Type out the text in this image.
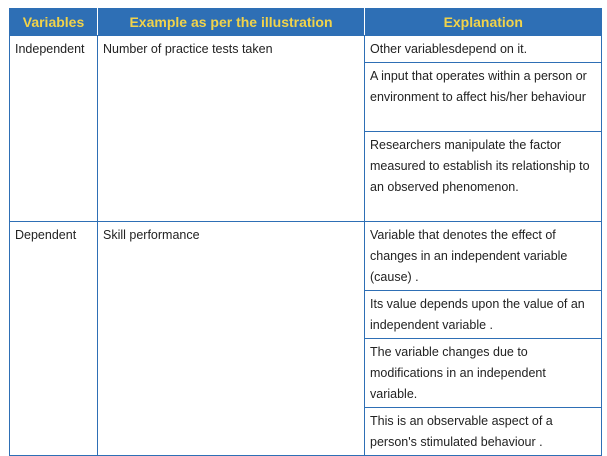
Variables	Example as per the illustration	Explanation
Independent	Number of practice tests taken	Other variablesdepend on it.
		A input that operates within a person or environment to affect his/her behaviour
		Researchers manipulate the factor measured to establish its relationship to an observed phenomenon.
Dependent	Skill performance	Variable that denotes the effect of changes in an independent variable (cause) .
		Its value depends upon the value of an independent variable .
		The variable changes due to modifications in an independent variable.
		This is an observable aspect of a person's stimulated behaviour .
